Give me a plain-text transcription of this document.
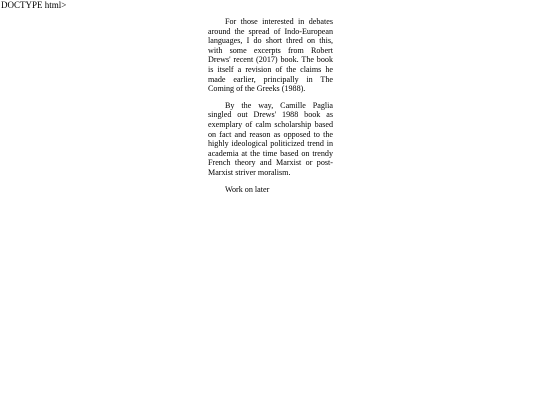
DOCTYPE html>

For those interested in debates around the spread of Indo-European languages, I do short thred on this, with some excerpts from Robert Drews' recent (2017) book. The book is itself a revision of the claims he made earlier, principally in The Coming of the Greeks (1988).

By the way, Camille Paglia singled out Drews' 1988 book as exemplary of calm scholarship based on fact and reason as opposed to the highly ideological politicized trend in academia at the time based on trendy French theory and Marxist or post-Marxist striver moralism.

Work on later
